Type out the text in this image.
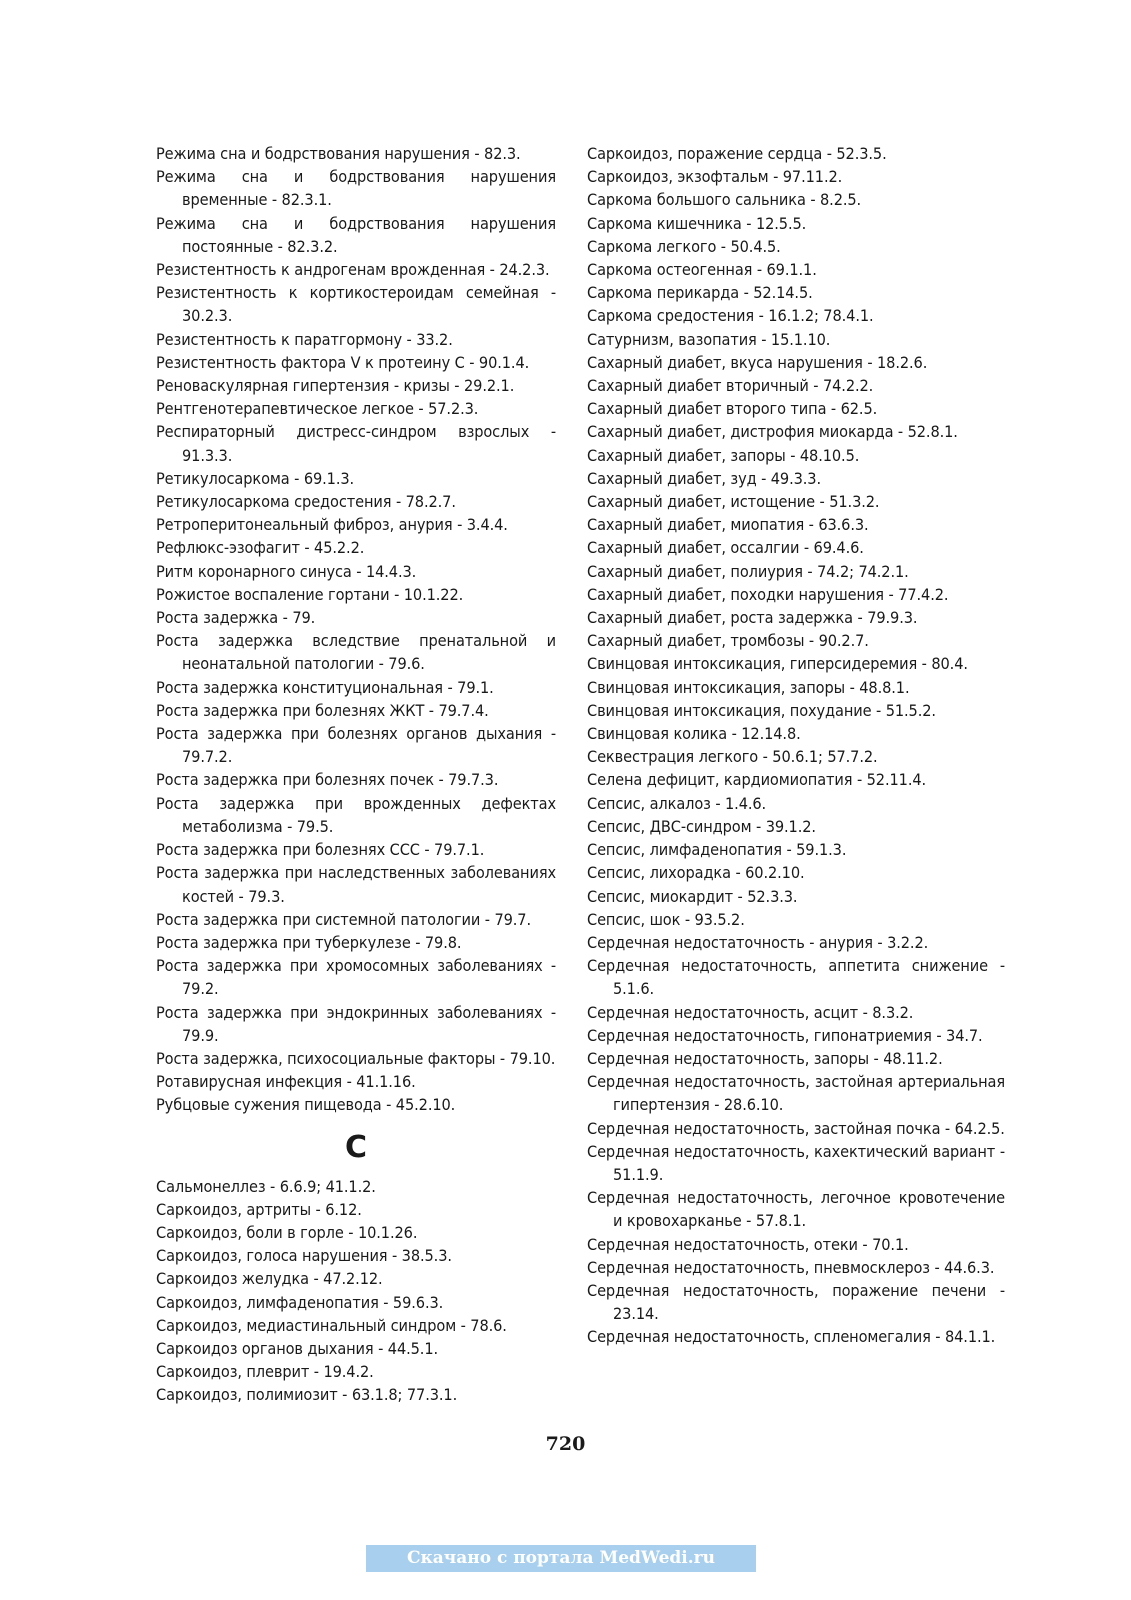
Режима сна и бодрствования нарушения - 82.3.

Режима сна и бодрствования нарушения временные - 82.3.1.

Режима сна и бодрствования нарушения постоянные - 82.3.2.

Резистентность к андрогенам врожденная - 24.2.3.

Резистентность к кортикостероидам семейная - 30.2.3.

Резистентность к паратгормону - 33.2.

Резистентность фактора V к протеину С - 90.1.4.

Реноваскулярная гипертензия - кризы - 29.2.1.

Рентгенотерапевтическое легкое - 57.2.3.

Респираторный дистресс-синдром взрослых - 91.3.3.

Ретикулосаркома - 69.1.3.

Ретикулосаркома средостения - 78.2.7.

Ретроперитонеальный фиброз, анурия - 3.4.4.

Рефлюкс-эзофагит - 45.2.2.

Ритм коронарного синуса - 14.4.3.

Рожистое воспаление гортани - 10.1.22.

Роста задержка - 79.

Роста задержка вследствие пренатальной и неонатальной патологии - 79.6.

Роста задержка конституциональная - 79.1.

Роста задержка при болезнях ЖКТ - 79.7.4.

Роста задержка при болезнях органов дыхания - 79.7.2.

Роста задержка при болезнях почек - 79.7.3.

Роста задержка при врожденных дефектах метаболизма - 79.5.

Роста задержка при болезнях ССС - 79.7.1.

Роста задержка при наследственных заболеваниях костей - 79.3.

Роста задержка при системной патологии - 79.7.

Роста задержка при туберкулезе - 79.8.

Роста задержка при хромосомных заболеваниях - 79.2.

Роста задержка при эндокринных заболеваниях - 79.9.

Роста задержка, психосоциальные факторы - 79.10.

Ротавирусная инфекция - 41.1.16.

Рубцовые сужения пищевода - 45.2.10.

С

Сальмонеллез - 6.6.9; 41.1.2.

Саркоидоз, артриты - 6.12.

Саркоидоз, боли в горле - 10.1.26.

Саркоидоз, голоса нарушения - 38.5.3.

Саркоидоз желудка - 47.2.12.

Саркоидоз, лимфаденопатия - 59.6.3.

Саркоидоз, медиастинальный синдром - 78.6.

Саркоидоз органов дыхания - 44.5.1.

Саркоидоз, плеврит - 19.4.2.

Саркоидоз, полимиозит - 63.1.8; 77.3.1.

Саркоидоз, поражение сердца - 52.3.5.

Саркоидоз, экзофтальм - 97.11.2.

Саркома большого сальника - 8.2.5.

Саркома кишечника - 12.5.5.

Саркома легкого - 50.4.5.

Саркома остеогенная - 69.1.1.

Саркома перикарда - 52.14.5.

Саркома средостения - 16.1.2; 78.4.1.

Сатурнизм, вазопатия - 15.1.10.

Сахарный диабет, вкуса нарушения - 18.2.6.

Сахарный диабет вторичный - 74.2.2.

Сахарный диабет второго типа - 62.5.

Сахарный диабет, дистрофия миокарда - 52.8.1.

Сахарный диабет, запоры - 48.10.5.

Сахарный диабет, зуд - 49.3.3.

Сахарный диабет, истощение - 51.3.2.

Сахарный диабет, миопатия - 63.6.3.

Сахарный диабет, оссалгии - 69.4.6.

Сахарный диабет, полиурия - 74.2; 74.2.1.

Сахарный диабет, походки нарушения - 77.4.2.

Сахарный диабет, роста задержка - 79.9.3.

Сахарный диабет, тромбозы - 90.2.7.

Свинцовая интоксикация, гиперсидеремия - 80.4.

Свинцовая интоксикация, запоры - 48.8.1.

Свинцовая интоксикация, похудание - 51.5.2.

Свинцовая колика - 12.14.8.

Секвестрация легкого - 50.6.1; 57.7.2.

Селена дефицит, кардиомиопатия - 52.11.4.

Сепсис, алкалоз - 1.4.6.

Сепсис, ДВС-синдром - 39.1.2.

Сепсис, лимфаденопатия - 59.1.3.

Сепсис, лихорадка - 60.2.10.

Сепсис, миокардит - 52.3.3.

Сепсис, шок - 93.5.2.

Сердечная недостаточность - анурия - 3.2.2.

Сердечная недостаточность, аппетита снижение - 5.1.6.

Сердечная недостаточность, асцит - 8.3.2.

Сердечная недостаточность, гипонатриемия - 34.7.

Сердечная недостаточность, запоры - 48.11.2.

Сердечная недостаточность, застойная артериальная гипертензия - 28.6.10.

Сердечная недостаточность, застойная почка - 64.2.5.

Сердечная недостаточность, кахектический вариант - 51.1.9.

Сердечная недостаточность, легочное кровотечение и кровохарканье - 57.8.1.

Сердечная недостаточность, отеки - 70.1.

Сердечная недостаточность, пневмосклероз - 44.6.3.

Сердечная недостаточность, поражение печени - 23.14.

Сердечная недостаточность, спленомегалия - 84.1.1.

720
Скачано с портала MedWedi.ru
